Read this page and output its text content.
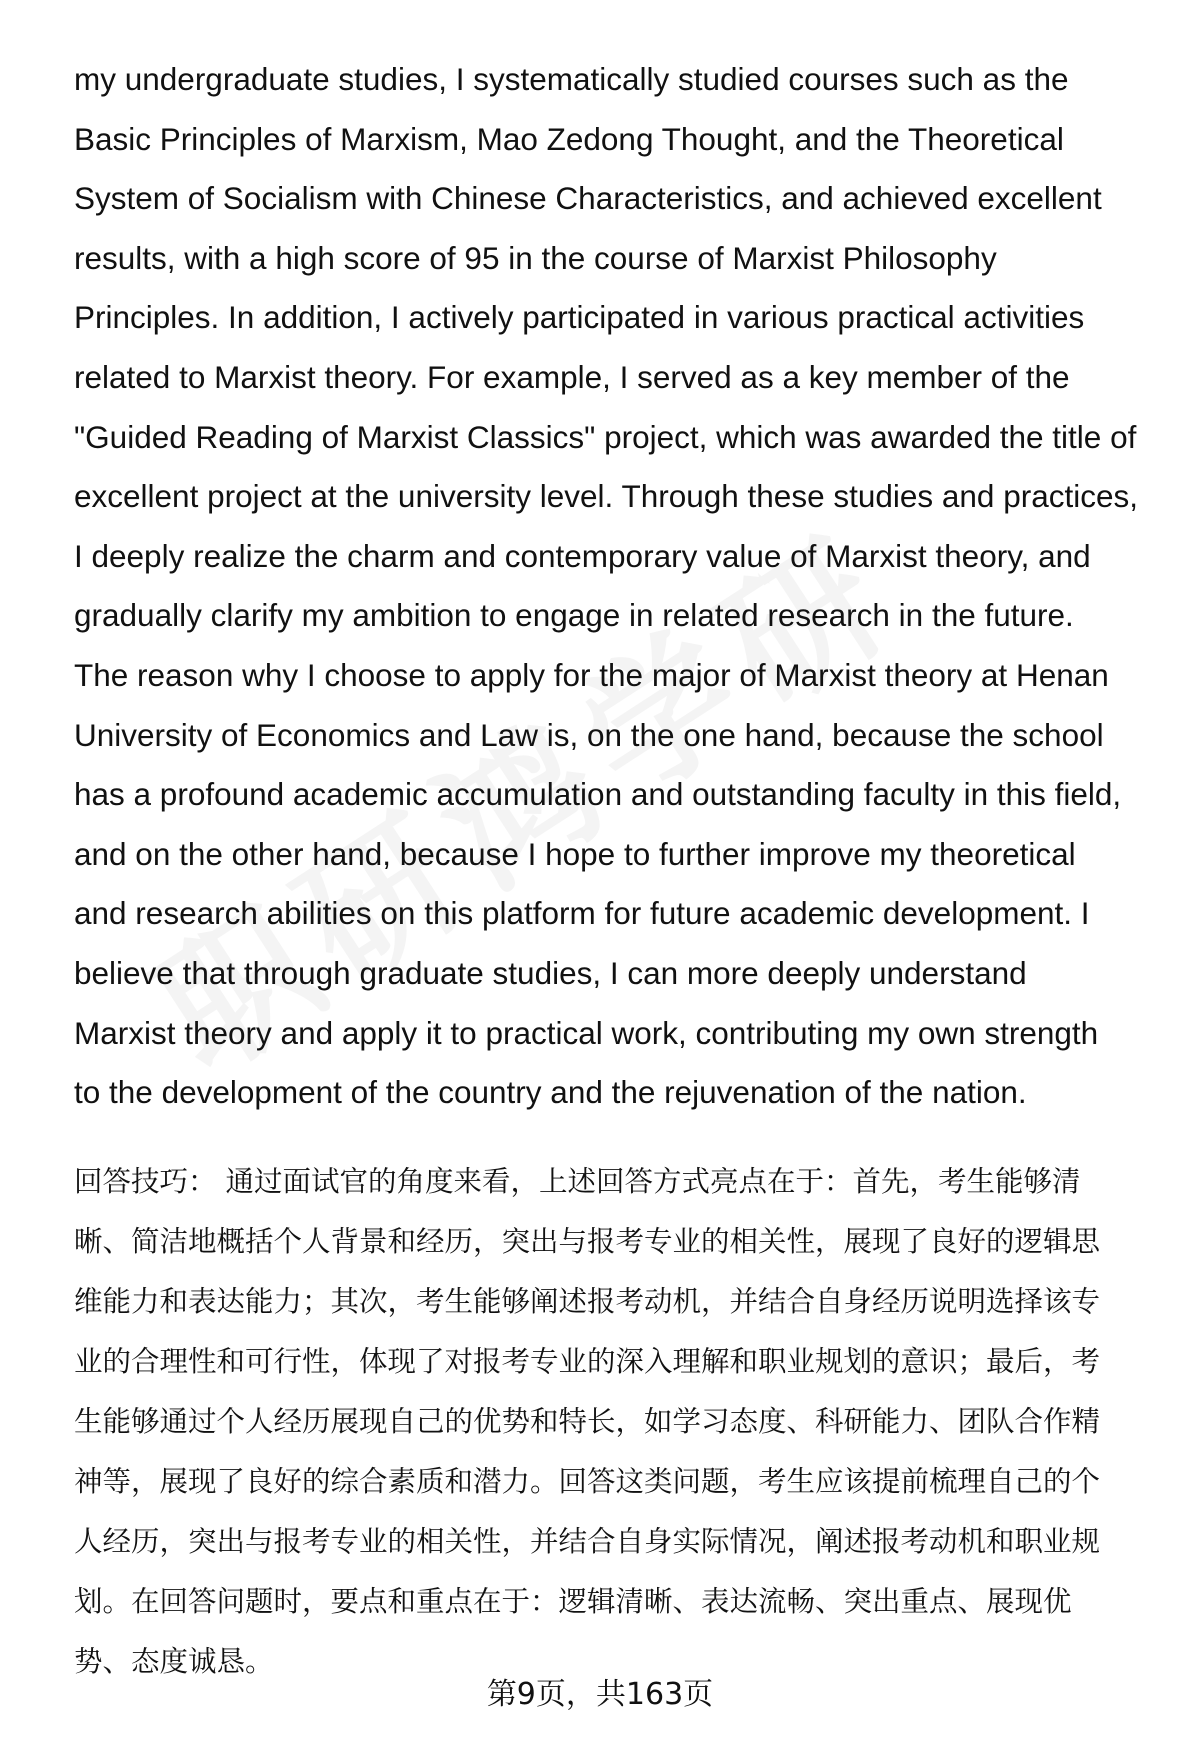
my undergraduate studies, I systematically studied courses such as the
Basic Principles of Marxism, Mao Zedong Thought, and the Theoretical
System of Socialism with Chinese Characteristics, and achieved excellent
results, with a high score of 95 in the course of Marxist Philosophy
Principles. In addition, I actively participated in various practical activities
related to Marxist theory. For example, I served as a key member of the
"Guided Reading of Marxist Classics" project, which was awarded the title of
excellent project at the university level. Through these studies and practices,
I deeply realize the charm and contemporary value of Marxist theory, and
gradually clarify my ambition to engage in related research in the future.
The reason why I choose to apply for the major of Marxist theory at Henan
University of Economics and Law is, on the one hand, because the school
has a profound academic accumulation and outstanding faculty in this field,
and on the other hand, because I hope to further improve my theoretical
and research abilities on this platform for future academic development. I
believe that through graduate studies, I can more deeply understand
Marxist theory and apply it to practical work, contributing my own strength
to the development of the country and the rejuvenation of the nation.
回答技巧： 通过面试官的角度来看，上述回答方式亮点在于：首先，考生能够清
晰、简洁地概括个人背景和经历，突出与报考专业的相关性，展现了良好的逻辑思
维能力和表达能力；其次，考生能够阐述报考动机，并结合自身经历说明选择该专
业的合理性和可行性，体现了对报考专业的深入理解和职业规划的意识；最后，考
生能够通过个人经历展现自己的优势和特长，如学习态度、科研能力、团队合作精
神等，展现了良好的综合素质和潜力。回答这类问题，考生应该提前梳理自己的个
人经历，突出与报考专业的相关性，并结合自身实际情况，阐述报考动机和职业规
划。在回答问题时，要点和重点在于：逻辑清晰、表达流畅、突出重点、展现优
势、态度诚恳。
第9页，共163页
